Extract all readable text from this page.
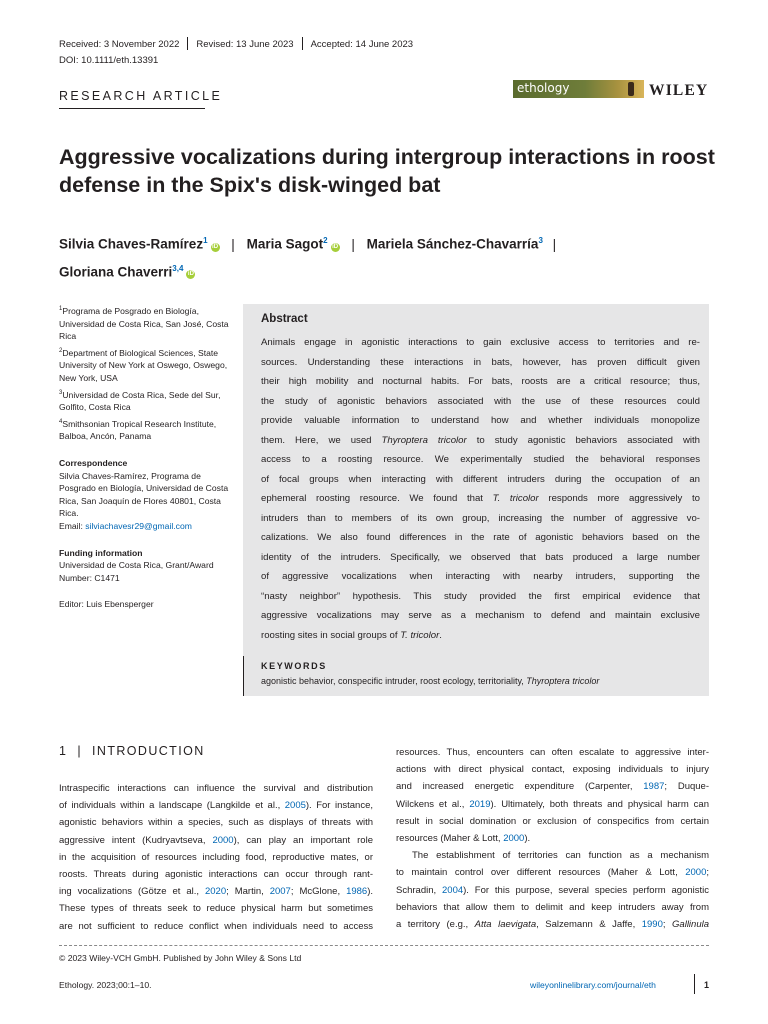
Received: 3 November 2022 Revised: 13 June 2023 Accepted: 14 June 2023
DOI: 10.1111/eth.13391
RESEARCH ARTICLE
ethology	WILEY
Aggressive vocalizations during intergroup interactions in roost
defense in the Spix's disk-winged bat
Silvia Chaves-Ramírez$^1$iD | Maria Sagot$^2$iD | Mariela Sánchez-Chavarría$^3$ |
Gloriana Chaverri$^{3,4}$iD
$^1$Programa de Posgrado en Biología, Universidad de Costa Rica, San José, Costa Rica
$^2$Department of Biological Sciences, State University of New York at Oswego, Oswego, New York, USA
$^3$Universidad de Costa Rica, Sede del Sur, Golfito, Costa Rica
$^4$Smithsonian Tropical Research Institute, Balboa, Ancón, Panama
Correspondence
Silvia Chaves-Ramírez, Programa de Posgrado en Biología, Universidad de Costa Rica, San Joaquín de Flores 40801, Costa Rica.
Email: silviachavesr29@gmail.com
Funding information
Universidad de Costa Rica, Grant/Award Number: C1471
Editor: Luis Ebensperger
Abstract
Animals engage in agonistic interactions to gain exclusive access to territories and re-
sources. Understanding these interactions in bats, however, has proven difficult given
their high mobility and nocturnal habits. For bats, roosts are a critical resource; thus,
the study of agonistic behaviors associated with the use of these resources could
provide valuable information to understand how and whether individuals monopolize
them. Here, we used Thyroptera tricolor to study agonistic behaviors associated with
access to a roosting resource. We experimentally studied the behavioral responses
of focal groups when interacting with different intruders during the occupation of an
ephemeral roosting resource. We found that T. tricolor responds more aggressively to
intruders than to members of its own group, increasing the number of aggressive vo-
calizations. We also found differences in the rate of agonistic behaviors based on the
identity of the intruders. Specifically, we observed that bats produced a large number
of aggressive vocalizations when interacting with nearby intruders, supporting the
“nasty neighbor” hypothesis. This study provided the first empirical evidence that
aggressive vocalizations may serve as a mechanism to defend and maintain exclusive
roosting sites in social groups of T. tricolor.
KEYWORDS
agonistic behavior, conspecific intruder, roost ecology, territoriality, Thyroptera tricolor
1 | INTRODUCTION
Intraspecific interactions can influence the survival and distribution
of individuals within a landscape (Langkilde et al., 2005). For instance,
agonistic behaviors within a species, such as displays of threats with
aggressive intent (Kudryavtseva, 2000), can play an important role
in the acquisition of resources including food, reproductive mates, or
roosts. Threats during agonistic interactions can occur through rant-
ing vocalizations (Götze et al., 2020; Martin, 2007; McGlone, 1986).
These types of threats seek to reduce physical harm but sometimes
are not sufficient to reduce conflict when individuals need to access
resources. Thus, encounters can often escalate to aggressive inter-
actions with direct physical contact, exposing individuals to injury
and increased energetic expenditure (Carpenter, 1987; Duque-
Wilckens et al., 2019). Ultimately, both threats and physical harm can
result in social domination or exclusion of conspecifics from certain
resources (Maher & Lott, 2000).
The establishment of territories can function as a mechanism
to maintain control over different resources (Maher & Lott, 2000;
Schradin, 2004). For this purpose, several species perform agonistic
behaviors that allow them to delimit and keep intruders away from
a territory (e.g., Atta laevigata, Salzemann & Jaffe, 1990; Gallinula
© 2023 Wiley-VCH GmbH. Published by John Wiley & Sons Ltd
Ethology. 2023;00:1–10.	wileyonlinelibrary.com/journal/eth	1
